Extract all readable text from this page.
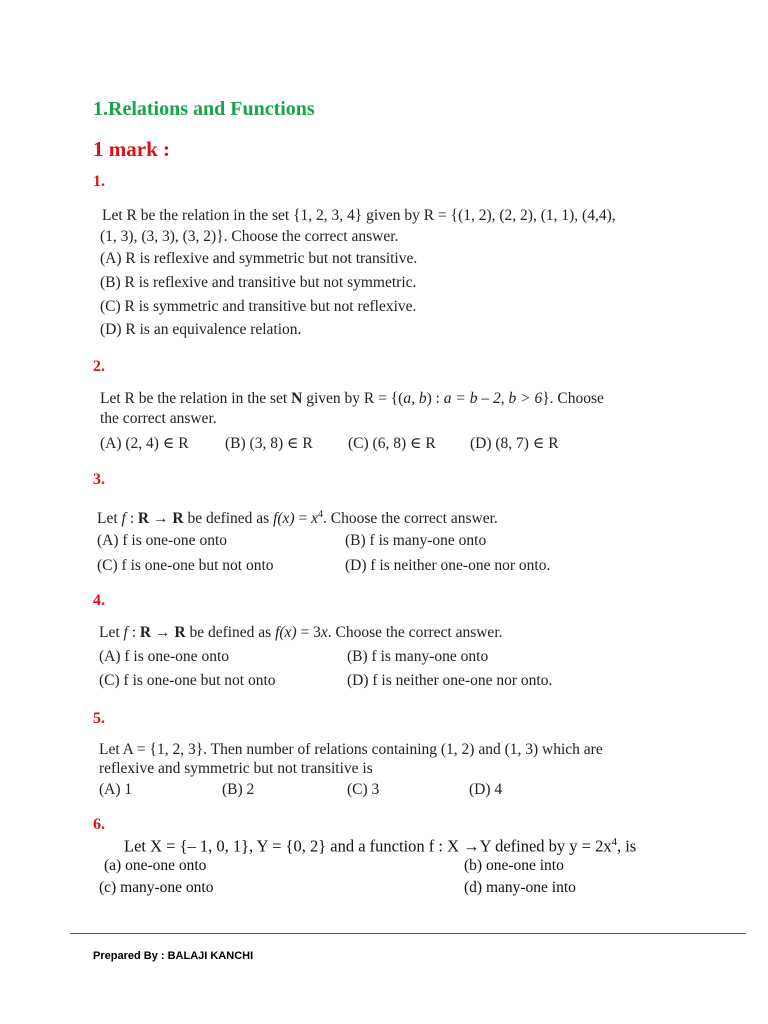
1.Relations and Functions
1 mark :
1.
Let R be the relation in the set {1, 2, 3, 4} given by R = {(1, 2), (2, 2), (1, 1), (4,4),
(1, 3), (3, 3), (3, 2)}. Choose the correct answer.
(A) R is reflexive and symmetric but not transitive.
(B) R is reflexive and transitive but not symmetric.
(C) R is symmetric and transitive but not reflexive.
(D) R is an equivalence relation.
2.
Let R be the relation in the set N given by R = {(a, b) : a = b – 2, b > 6}. Choose
the correct answer.
(A) (2, 4) ∈ R (B) (3, 8) ∈ R (C) (6, 8) ∈ R (D) (8, 7) ∈ R
3.
Let f : R → R be defined as $f(x) = x^4$. Choose the correct answer.
(A) f is one-one onto	(B) f is many-one onto
(C) f is one-one but not onto	(D) f is neither one-one nor onto.
4.
Let f : R → R be defined as f(x) = 3x. Choose the correct answer.
(A) f is one-one onto	(B) f is many-one onto
(C) f is one-one but not onto	(D) f is neither one-one nor onto.
5.
Let A = {1, 2, 3}. Then number of relations containing (1, 2) and (1, 3) which are
reflexive and symmetric but not transitive is
(A) 1	(B) 2	(C) 3	(D) 4
6.
Let X = {– 1, 0, 1}, Y = {0, 2} and a function f : X →Y defined by $y = 2x^4$, is
(a) one-one onto	(b) one-one into
(c) many-one onto	(d) many-one into
Prepared By : BALAJI KANCHI
